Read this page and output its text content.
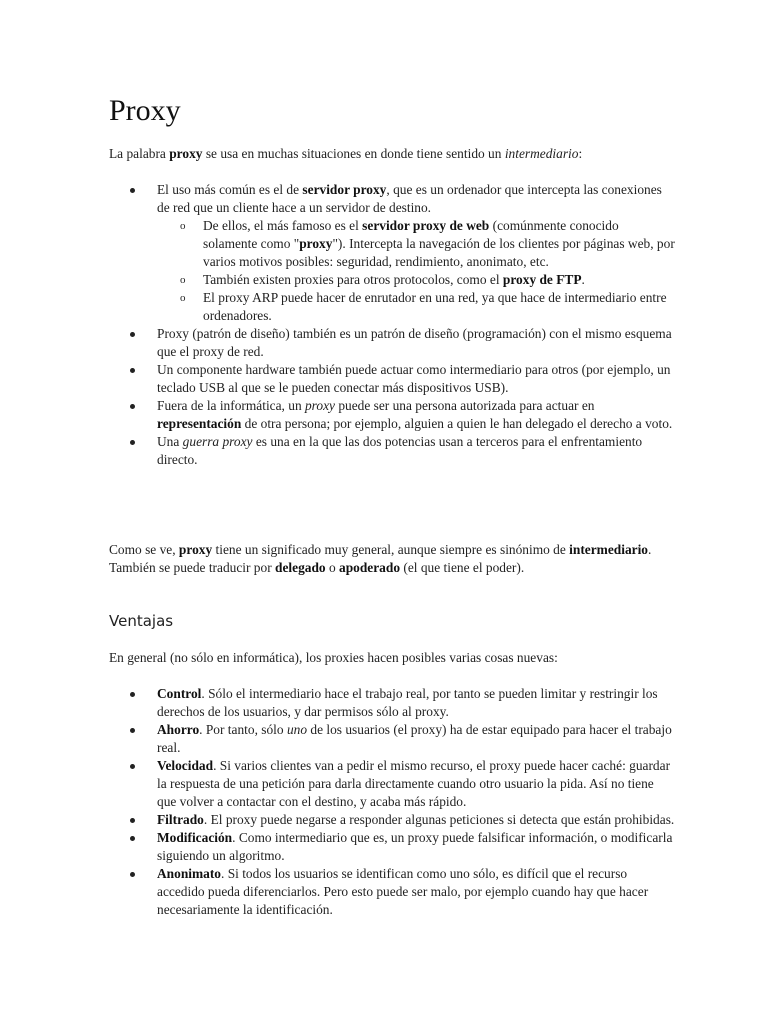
Proxy

La palabra proxy se usa en muchas situaciones en donde tiene sentido un intermediario:

El uso más común es el de servidor proxy, que es un ordenador que intercepta las conexiones de red que un cliente hace a un servidor de destino.
o De ellos, el más famoso es el servidor proxy de web (comúnmente conocido solamente como "proxy"). Intercepta la navegación de los clientes por páginas web, por varios motivos posibles: seguridad, rendimiento, anonimato, etc.
o También existen proxies para otros protocolos, como el proxy de FTP.
o El proxy ARP puede hacer de enrutador en una red, ya que hace de intermediario entre ordenadores.
Proxy (patrón de diseño) también es un patrón de diseño (programación) con el mismo esquema que el proxy de red.
Un componente hardware también puede actuar como intermediario para otros (por ejemplo, un teclado USB al que se le pueden conectar más dispositivos USB).
Fuera de la informática, un proxy puede ser una persona autorizada para actuar en representación de otra persona; por ejemplo, alguien a quien le han delegado el derecho a voto.
Una guerra proxy es una en la que las dos potencias usan a terceros para el enfrentamiento directo.

Como se ve, proxy tiene un significado muy general, aunque siempre es sinónimo de intermediario. También se puede traducir por delegado o apoderado (el que tiene el poder).

Ventajas

En general (no sólo en informática), los proxies hacen posibles varias cosas nuevas:

Control. Sólo el intermediario hace el trabajo real, por tanto se pueden limitar y restringir los derechos de los usuarios, y dar permisos sólo al proxy.
Ahorro. Por tanto, sólo uno de los usuarios (el proxy) ha de estar equipado para hacer el trabajo real.
Velocidad. Si varios clientes van a pedir el mismo recurso, el proxy puede hacer caché: guardar la respuesta de una petición para darla directamente cuando otro usuario la pida. Así no tiene que volver a contactar con el destino, y acaba más rápido.
Filtrado. El proxy puede negarse a responder algunas peticiones si detecta que están prohibidas.
Modificación. Como intermediario que es, un proxy puede falsificar información, o modificarla siguiendo un algoritmo.
Anonimato. Si todos los usuarios se identifican como uno sólo, es difícil que el recurso accedido pueda diferenciarlos. Pero esto puede ser malo, por ejemplo cuando hay que hacer necesariamente la identificación.
